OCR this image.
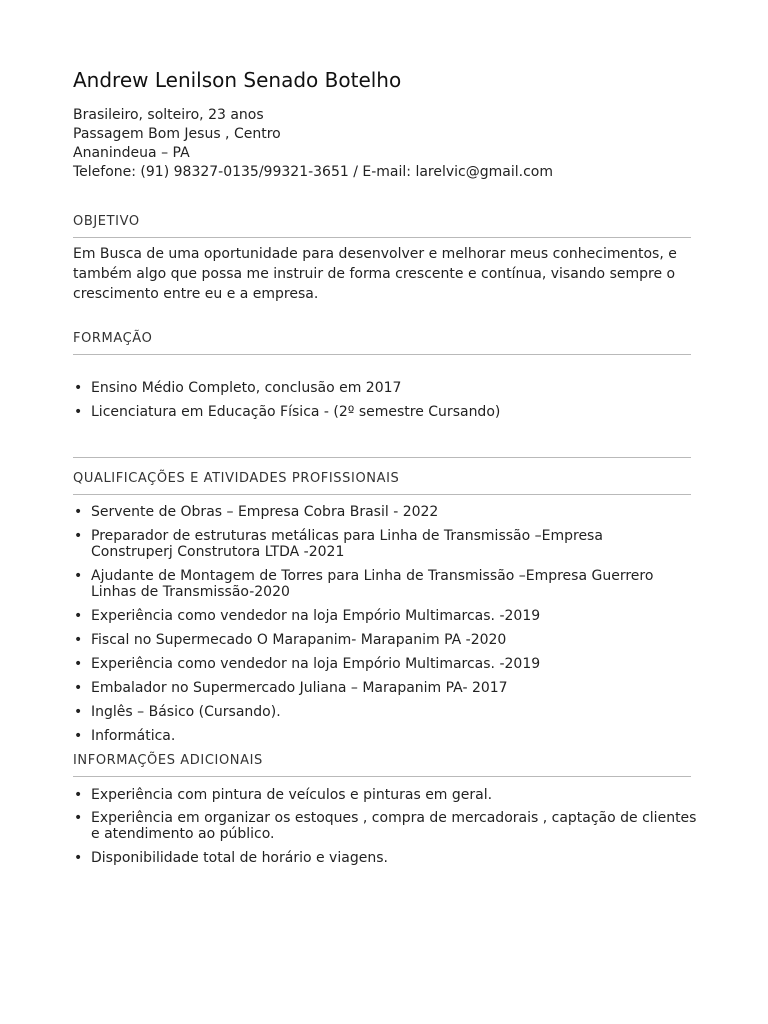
Andrew Lenilson Senado Botelho
Brasileiro, solteiro, 23 anos
Passagem Bom Jesus , Centro
Ananindeua – PA
Telefone: (91) 98327-0135/99321-3651 / E-mail: larelvic@gmail.com
OBJETIVO
Em Busca de uma oportunidade para desenvolver e melhorar meus conhecimentos, e
também algo que possa me instruir de forma crescente e contínua, visando sempre o
crescimento entre eu e a empresa.
FORMAÇÃO
• Ensino Médio Completo, conclusão em 2017
• Licenciatura em Educação Física - (2º semestre Cursando)
QUALIFICAÇÕES E ATIVIDADES PROFISSIONAIS
• Servente de Obras – Empresa Cobra Brasil - 2022
• Preparador de estruturas metálicas para Linha de Transmissão –Empresa
Construperj Construtora LTDA -2021
• Ajudante de Montagem de Torres para Linha de Transmissão –Empresa Guerrero
Linhas de Transmissão-2020
• Experiência como vendedor na loja Empório Multimarcas. -2019
• Fiscal no Supermecado O Marapanim- Marapanim PA -2020
• Experiência como vendedor na loja Empório Multimarcas. -2019
• Embalador no Supermercado Juliana – Marapanim PA- 2017
• Inglês – Básico (Cursando).
• Informática.
INFORMAÇÕES ADICIONAIS
• Experiência com pintura de veículos e pinturas em geral.
• Experiência em organizar os estoques , compra de mercadorais , captação de clientes
e atendimento ao público.
• Disponibilidade total de horário e viagens.
